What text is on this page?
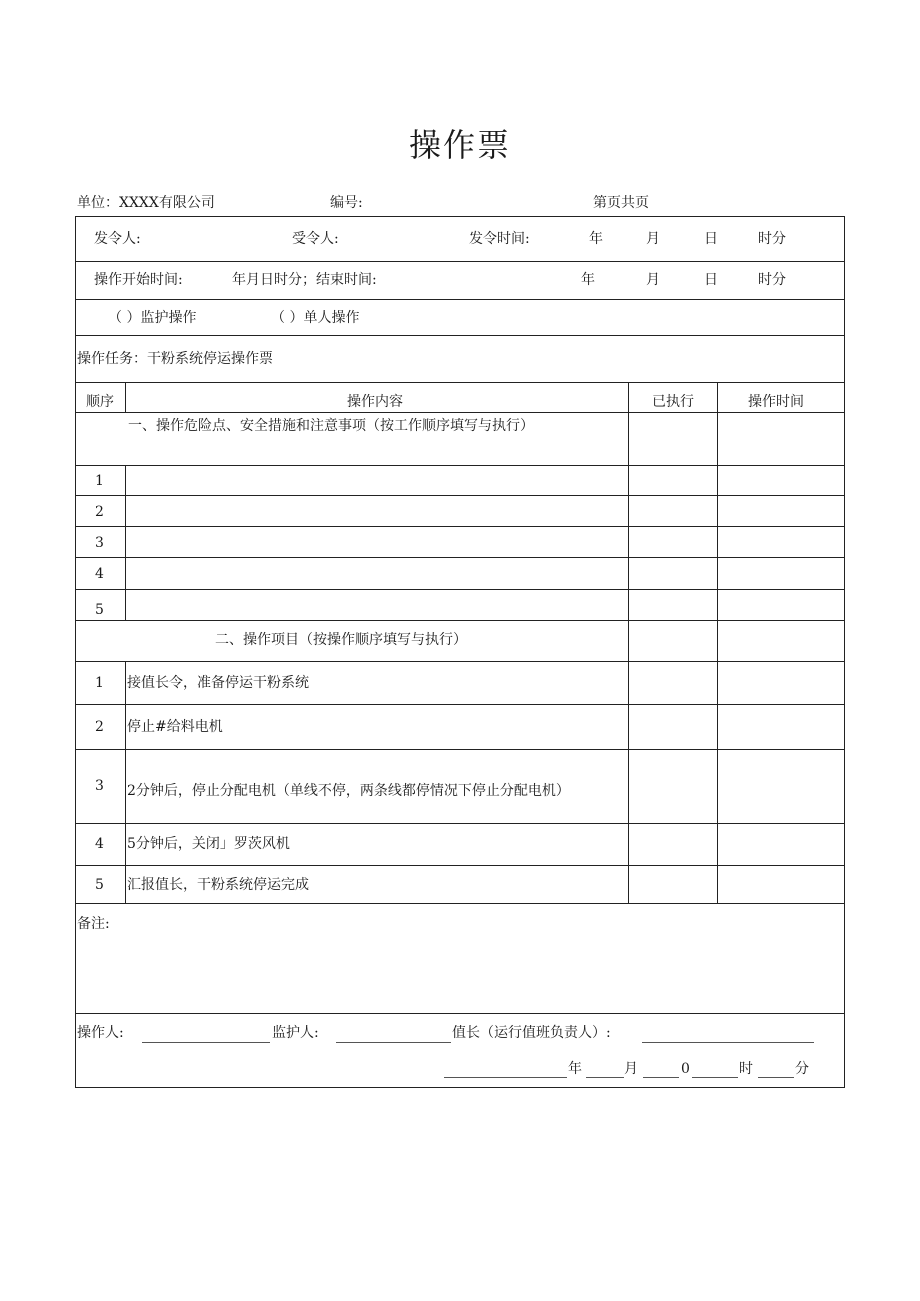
操作票
单位：XXXX有限公司	编号:	第页共页
发令人:	受令人:	发令时间:	年	月	日	时分
操作开始时间:	年月日时分；结束时间:	年	月	日	时分
（ ）监护操作	（ ）单人操作
操作任务：干粉系统停运操作票
顺序	操作内容	已执行	操作时间
一、操作危险点、安全措施和注意事项（按工作顺序填写与执行）
1
2
3
4
5
二、操作项目（按操作顺序填写与执行）
1 接值长令，准备停运干粉系统
2 停止#给料电机
3 2分钟后，停止分配电机（单线不停，两条线都停情况下停止分配电机）
4 5分钟后，关闭」罗茨风机
5 汇报值长，干粉系统停运完成
备注:
操作人:	监护人:	值长（运行值班负责人）:
年	月	0	时	分
